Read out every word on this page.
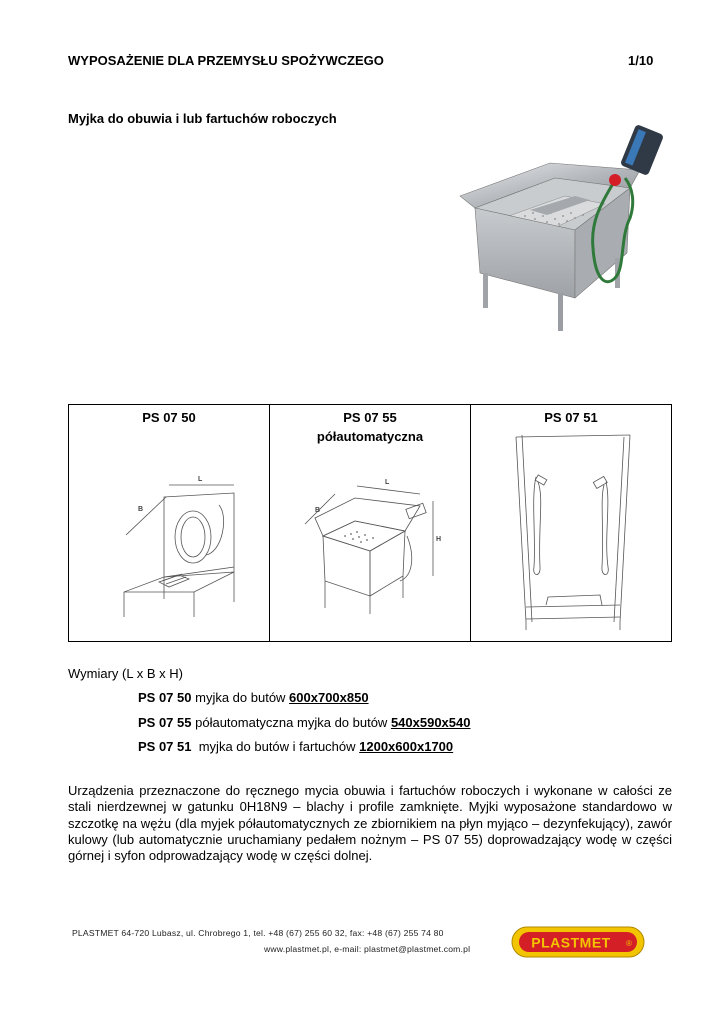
WYPOSAŻENIE DLA PRZEMYSŁU SPOŻYWCZEGO	1/10
Myjka do obuwia i lub fartuchów roboczych
PS 07 50
L
B

PS 07 55
półautomatyczna
L
B
H

PS 07 51
Wymiary (L x B x H)
PS 07 50 myjka do butów 600x700x850
PS 07 55 półautomatyczna myjka do butów 540x590x540
PS 07 51  myjka do butów i fartuchów 1200x600x1700
Urządzenia przeznaczone do ręcznego mycia obuwia i fartuchów roboczych i wykonane w całości ze stali nierdzewnej w gatunku 0H18N9 – blachy i profile zamknięte. Myjki wyposażone standardowo w szczotkę na wężu (dla myjek półautomatycznych ze zbiornikiem na płyn myjąco – dezynfekujący), zawór kulowy (lub automatycznie uruchamiany pedałem nożnym – PS 07 55) doprowadzający wodę w części górnej i syfon odprowadzający wodę w części dolnej.
PLASTMET 64-720 Lubasz, ul. Chrobrego 1, tel. +48 (67) 255 60 32, fax: +48 (67) 255 74 80
www.plastmet.pl, e-mail: plastmet@plastmet.com.pl	PLASTMET ®
